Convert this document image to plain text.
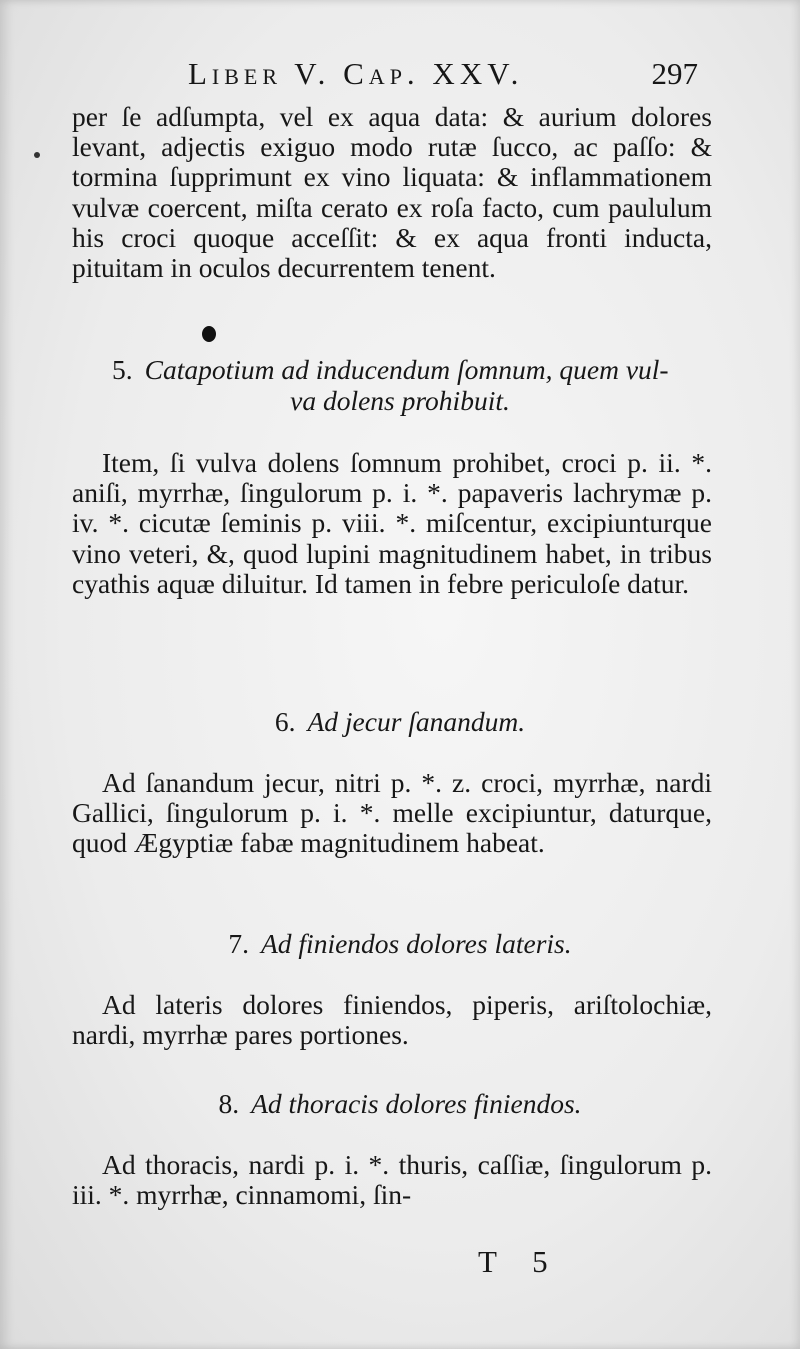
Liber V. Cap. XXV.	297

per ſe adſumpta, vel ex aqua data: & aurium dolores levant, adjectis exiguo modo rutæ ſucco, ac paſſo: & tormina ſupprimunt ex vino liquata: & inflammationem vulvæ coercent, miſta cerato ex roſa facto, cum paululum his croci quoque acceſſit: & ex aqua fronti inducta, pituitam in oculos decurrentem tenent.

5. Catapotium ad inducendum ſomnum, quem vul-
va dolens prohibuit.

Item, ſi vulva dolens ſomnum prohibet, croci p. ii. *. aniſi, myrrhæ, ſingulorum p. i. *. papaveris lachrymæ p. iv. *. cicutæ ſeminis p. viii. *. miſcentur, excipiunturque vino veteri, &, quod lupini magnitudinem habet, in tribus cyathis aquæ diluitur. Id tamen in febre periculoſe datur.

6. Ad jecur ſanandum.

Ad ſanandum jecur, nitri p. *. z. croci, myrrhæ, nardi Gallici, ſingulorum p. i. *. melle excipiuntur, daturque, quod Ægyptiæ fabæ magnitudinem habeat.

7. Ad finiendos dolores lateris.

Ad lateris dolores finiendos, piperis, ariſtolochiæ, nardi, myrrhæ pares portiones.

8. Ad thoracis dolores finiendos.

Ad thoracis, nardi p. i. *. thuris, caſſiæ, ſingulorum p. iii. *. myrrhæ, cinnamomi, ſin-

T 5
